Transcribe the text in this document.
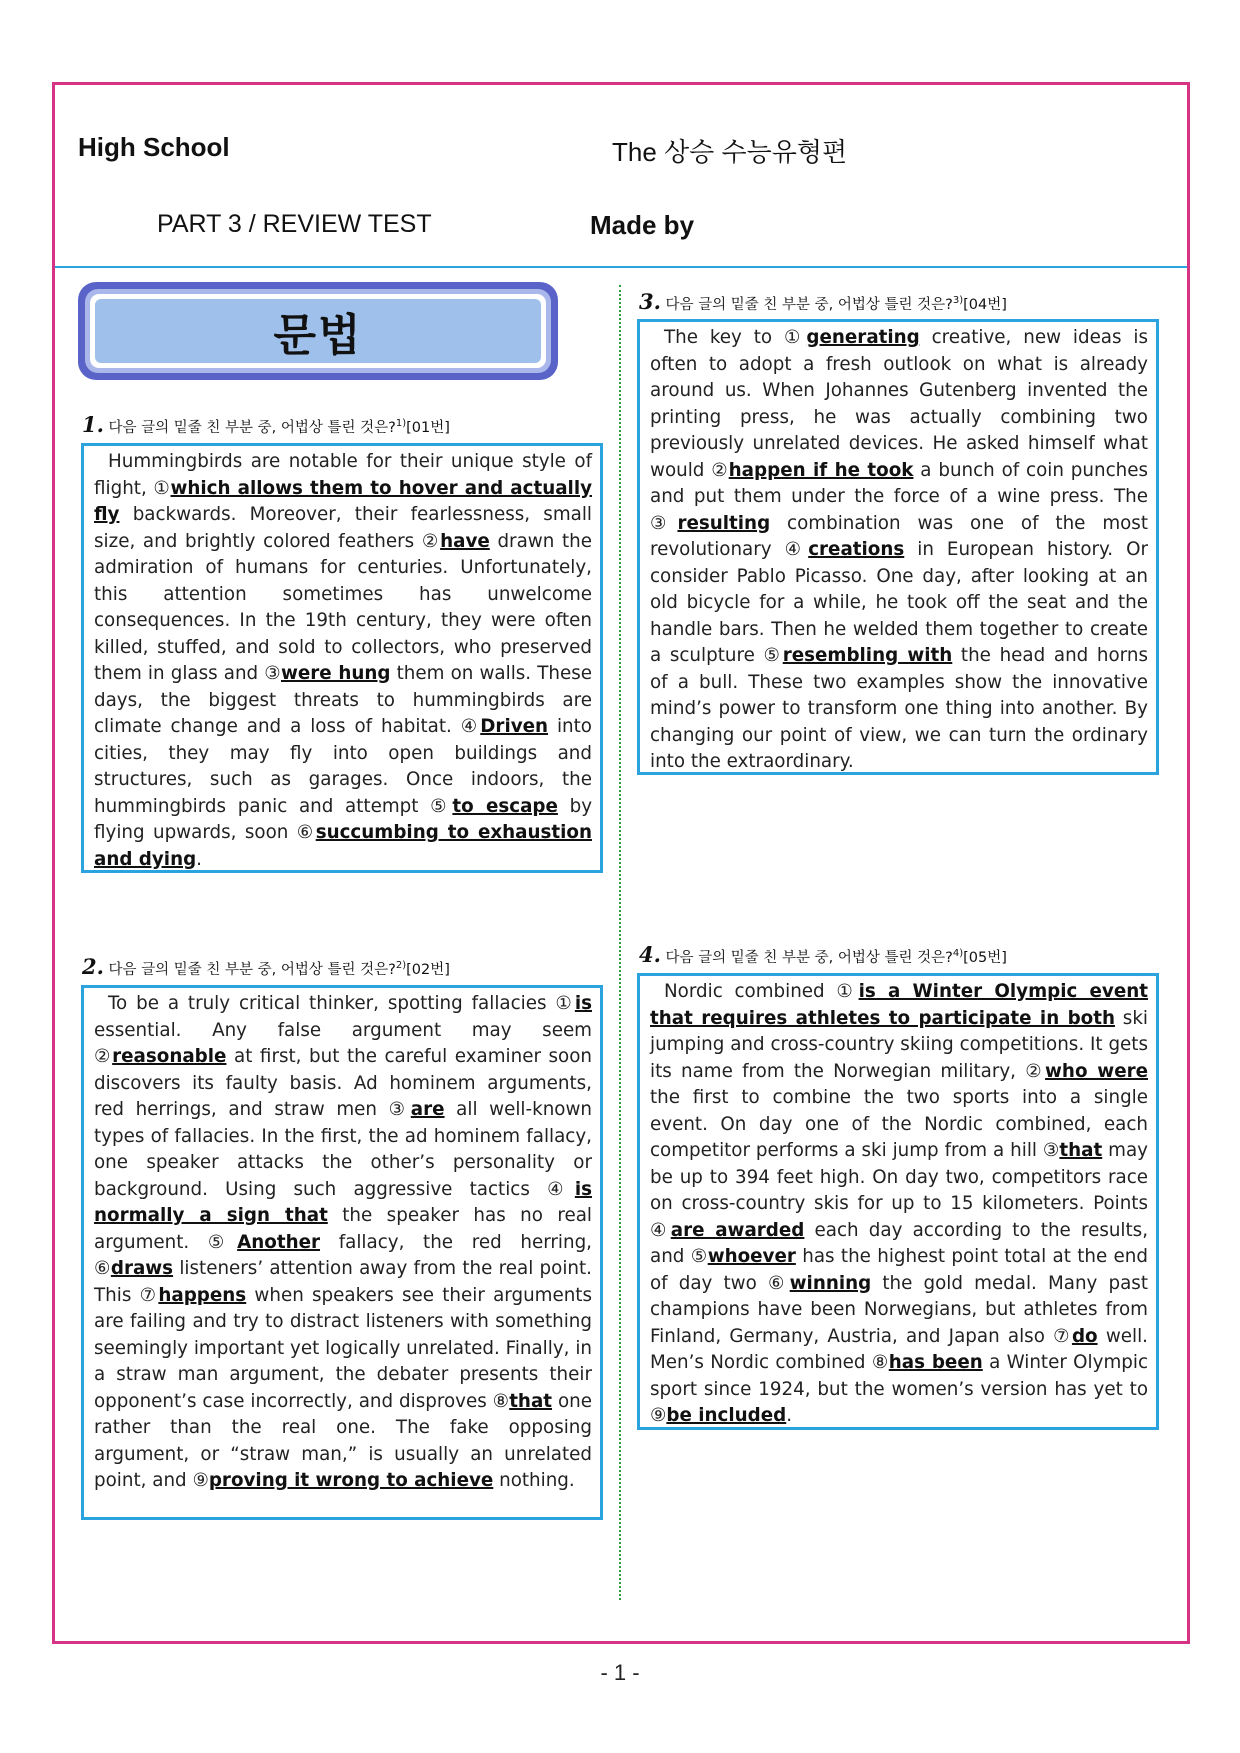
High School	The 상승 수능유형편
PART 3 / REVIEW TEST	Made by
문법
1. 다음 글의 밑줄 친 부분 중, 어법상 틀린 것은?$^{1)}$[01번]

Hummingbirds are notable for their unique style of flight, ①which allows them to hover and actually fly backwards. Moreover, their fearlessness, small size, and brightly colored feathers ②have drawn the admiration of humans for centuries. Unfortunately, this attention sometimes has unwelcome consequences. In the 19th century, they were often killed, stuffed, and sold to collectors, who preserved them in glass and ③were hung them on walls. These days, the biggest threats to hummingbirds are climate change and a loss of habitat. ④Driven into cities, they may fly into open buildings and structures, such as garages. Once indoors, the hummingbirds panic and attempt ⑤to escape by flying upwards, soon ⑥succumbing to exhaustion and dying.

2. 다음 글의 밑줄 친 부분 중, 어법상 틀린 것은?$^{2)}$[02번]

To be a truly critical thinker, spotting fallacies ①is essential. Any false argument may seem ②reasonable at first, but the careful examiner soon discovers its faulty basis. Ad hominem arguments, red herrings, and straw men ③are all well-known types of fallacies. In the first, the ad hominem fallacy, one speaker attacks the other’s personality or background. Using such aggressive tactics ④is normally a sign that the speaker has no real argument. ⑤Another fallacy, the red herring, ⑥draws listeners’ attention away from the real point. This ⑦happens when speakers see their arguments are failing and try to distract listeners with something seemingly important yet logically unrelated. Finally, in a straw man argument, the debater presents their opponent’s case incorrectly, and disproves ⑧that one rather than the real one. The fake opposing argument, or “straw man,” is usually an unrelated point, and ⑨proving it wrong to achieve nothing.

3. 다음 글의 밑줄 친 부분 중, 어법상 틀린 것은?$^{3)}$[04번]

The key to ①generating creative, new ideas is often to adopt a fresh outlook on what is already around us. When Johannes Gutenberg invented the printing press, he was actually combining two previously unrelated devices. He asked himself what would ②happen if he took a bunch of coin punches and put them under the force of a wine press. The ③resulting combination was one of the most revolutionary ④creations in European history. Or consider Pablo Picasso. One day, after looking at an old bicycle for a while, he took off the seat and the handle bars. Then he welded them together to create a sculpture ⑤resembling with the head and horns of a bull. These two examples show the innovative mind’s power to transform one thing into another. By changing our point of view, we can turn the ordinary into the extraordinary.

4. 다음 글의 밑줄 친 부분 중, 어법상 틀린 것은?$^{4)}$[05번]

Nordic combined ①is a Winter Olympic event that requires athletes to participate in both ski jumping and cross-country skiing competitions. It gets its name from the Norwegian military, ②who were the first to combine the two sports into a single event. On day one of the Nordic combined, each competitor performs a ski jump from a hill ③that may be up to 394 feet high. On day two, competitors race on cross-country skis for up to 15 kilometers. Points ④are awarded each day according to the results, and ⑤whoever has the highest point total at the end of day two ⑥winning the gold medal. Many past champions have been Norwegians, but athletes from Finland, Germany, Austria, and Japan also ⑦do well. Men’s Nordic combined ⑧has been a Winter Olympic sport since 1924, but the women’s version has yet to ⑨be included.

- 1 -
